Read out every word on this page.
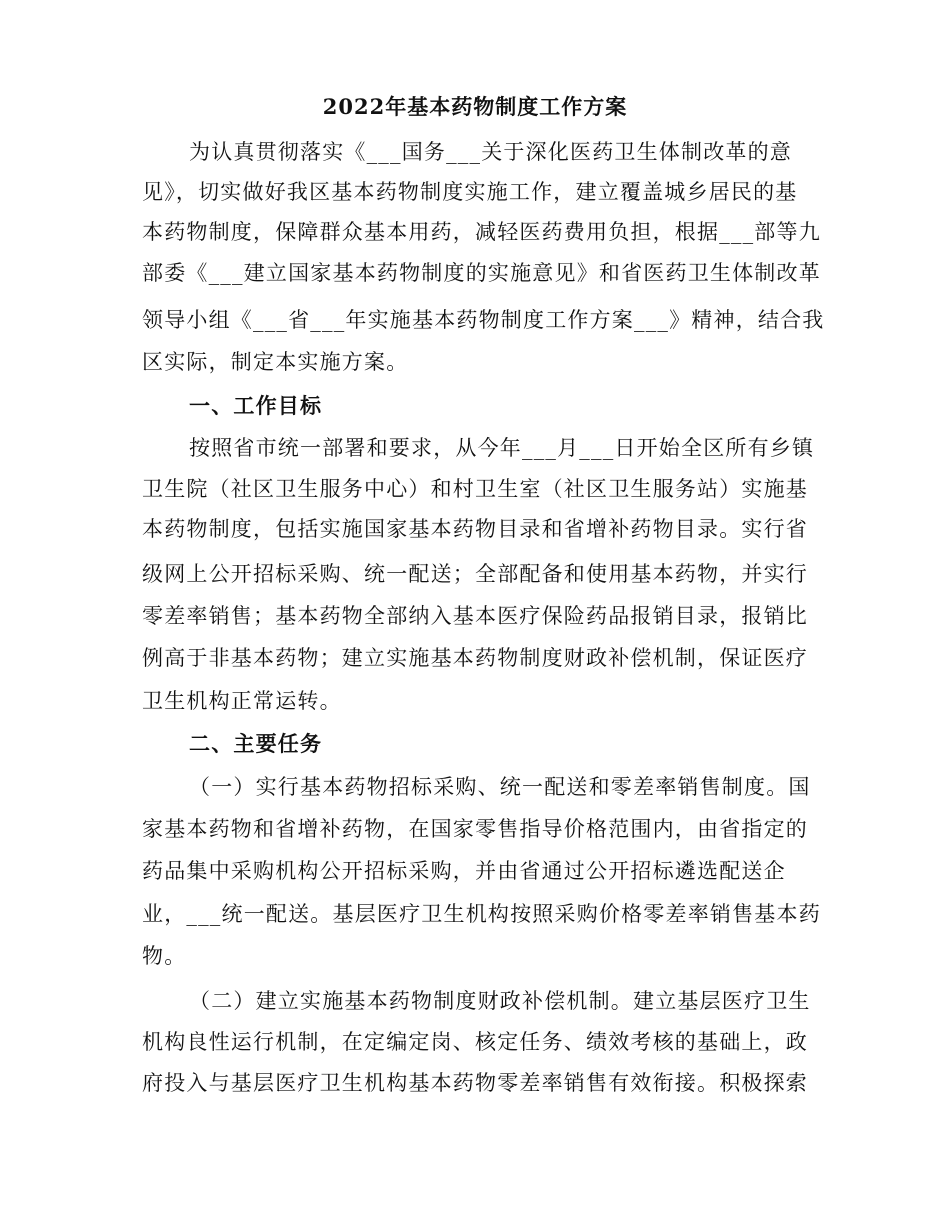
2022年基本药物制度工作方案
为认真贯彻落实《___国务___关于深化医药卫生体制改革的意
见》，切实做好我区基本药物制度实施工作，建立覆盖城乡居民的基
本药物制度，保障群众基本用药，减轻医药费用负担，根据___部等九
部委《___建立国家基本药物制度的实施意见》和省医药卫生体制改革
领导小组《___省___年实施基本药物制度工作方案___》精神，结合我
区实际，制定本实施方案。
一、工作目标
按照省市统一部署和要求，从今年___月___日开始全区所有乡镇
卫生院（社区卫生服务中心）和村卫生室（社区卫生服务站）实施基
本药物制度，包括实施国家基本药物目录和省增补药物目录。实行省
级网上公开招标采购、统一配送；全部配备和使用基本药物，并实行
零差率销售；基本药物全部纳入基本医疗保险药品报销目录，报销比
例高于非基本药物；建立实施基本药物制度财政补偿机制，保证医疗
卫生机构正常运转。
二、主要任务
（一）实行基本药物招标采购、统一配送和零差率销售制度。国
家基本药物和省增补药物，在国家零售指导价格范围内，由省指定的
药品集中采购机构公开招标采购，并由省通过公开招标遴选配送企
业，___统一配送。基层医疗卫生机构按照采购价格零差率销售基本药
物。
（二）建立实施基本药物制度财政补偿机制。建立基层医疗卫生
机构良性运行机制，在定编定岗、核定任务、绩效考核的基础上，政
府投入与基层医疗卫生机构基本药物零差率销售有效衔接。积极探索
